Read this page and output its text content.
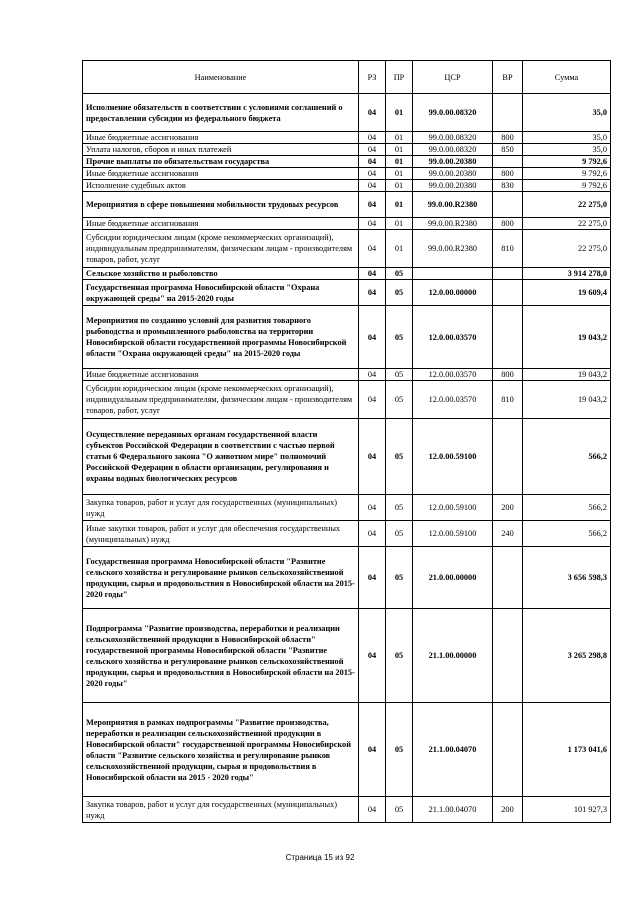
Наименование	РЗ	ПР	ЦСР	ВР	Сумма
Исполнение обязательств в соответствии с условиями соглашений о предоставлении субсидии из федерального бюджета	04	01	99.0.00.08320		35,0
Иные бюджетные ассигнования	04	01	99.0.00.08320	800	35,0
Уплата налогов, сборов и иных платежей	04	01	99.0.00.08320	850	35,0
Прочие выплаты по обязательствам государства	04	01	99.0.00.20380		9 792,6
Иные бюджетные ассигнования	04	01	99.0.00.20380	800	9 792,6
Исполнение судебных актов	04	01	99.0.00.20380	830	9 792,6
Мероприятия в сфере повышения мобильности трудовых ресурсов	04	01	99.0.00.R2380		22 275,0
Иные бюджетные ассигнования	04	01	99.0.00.R2380	800	22 275,0
Субсидии юридическим лицам (кроме некоммерческих организаций), индивидуальным предпринимателям, физическим лицам - производителям товаров, работ, услуг	04	01	99.0.00.R2380	810	22 275,0
Сельское хозяйство и рыболовство	04	05			3 914 278,0
Государственная программа Новосибирской области "Охрана окружающей среды" на 2015-2020 годы	04	05	12.0.00.00000		19 609,4
Мероприятия по созданию условий для развития товарного рыбоводства и промышленного рыболовства на территории Новосибирской области государственной программы Новосибирской области "Охрана окружающей среды" на 2015-2020 годы	04	05	12.0.00.03570		19 043,2
Иные бюджетные ассигнования	04	05	12.0.00.03570	800	19 043,2
Субсидии юридическим лицам (кроме некоммерческих организаций), индивидуальным предпринимателям, физическим лицам - производителям товаров, работ, услуг	04	05	12.0.00.03570	810	19 043,2
Осуществление переданных органам государственной власти субъектов Российской Федерации в соответствии с частью первой статьи 6 Федерального закона "О животном мире" полномочий Российской Федерации в области организации, регулирования и охраны водных биологических ресурсов	04	05	12.0.00.59100		566,2
Закупка товаров, работ и услуг для государственных (муниципальных) нужд	04	05	12.0.00.59100	200	566,2
Иные закупки товаров, работ и услуг для обеспечения государственных (муниципальных) нужд	04	05	12.0.00.59100	240	566,2
Государственная программа Новосибирской области "Развитие сельского хозяйства и регулирование рынков сельскохозяйственной продукции, сырья и продовольствия в Новосибирской области на 2015-2020 годы"	04	05	21.0.00.00000		3 656 598,3
Подпрограмма "Развитие производства, переработки и реализации сельскохозяйственной продукции в Новосибирской области" государственной программы Новосибирской области "Развитие сельского хозяйства и регулирование рынков сельскохозяйственной продукции, сырья и продовольствия в Новосибирской области на 2015-2020 годы"	04	05	21.1.00.00000		3 265 298,8
Мероприятия в рамках подпрограммы "Развитие производства, переработки и реализации сельскохозяйственной продукции в Новосибирской области" государственной программы Новосибирской области "Развитие сельского хозяйства и регулирование рынков сельскохозяйственной продукции, сырья и продовольствия в Новосибирской области на 2015 - 2020 годы"	04	05	21.1.00.04070		1 173 041,6
Закупка товаров, работ и услуг для государственных (муниципальных) нужд	04	05	21.1.00.04070	200	101 927,3
Страница 15 из 92
